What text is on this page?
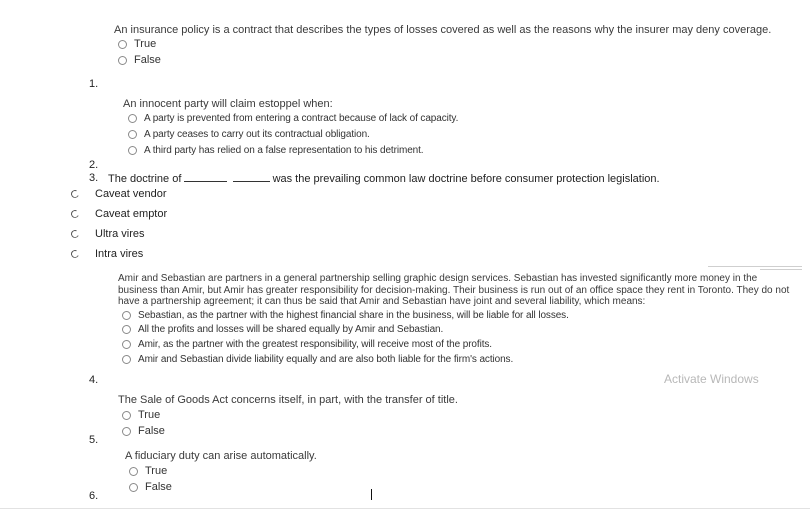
An insurance policy is a contract that describes the types of losses covered as well as the reasons why the insurer may deny coverage.
True
False
1.
An innocent party will claim estoppel when:
A party is prevented from entering a contract because of lack of capacity.
A party ceases to carry out its contractual obligation.
A third party has relied on a false representation to his detriment.
2.
3. The doctrine of	was the prevailing common law doctrine before consumer protection legislation.
Caveat vendor
Caveat emptor
Ultra vires
Intra vires
Amir and Sebastian are partners in a general partnership selling graphic design services. Sebastian has invested significantly more money in the business than Amir, but Amir has greater responsibility for decision-making. Their business is run out of an office space they rent in Toronto. They do not have a partnership agreement; it can thus be said that Amir and Sebastian have joint and several liability, which means:
Sebastian, as the partner with the highest financial share in the business, will be liable for all losses.
All the profits and losses will be shared equally by Amir and Sebastian.
Amir, as the partner with the greatest responsibility, will receive most of the profits.
Amir and Sebastian divide liability equally and are also both liable for the firm's actions.
4.	Activate Windows
The Sale of Goods Act concerns itself, in part, with the transfer of title.
True
False
5.
A fiduciary duty can arise automatically.
True
False
6.
